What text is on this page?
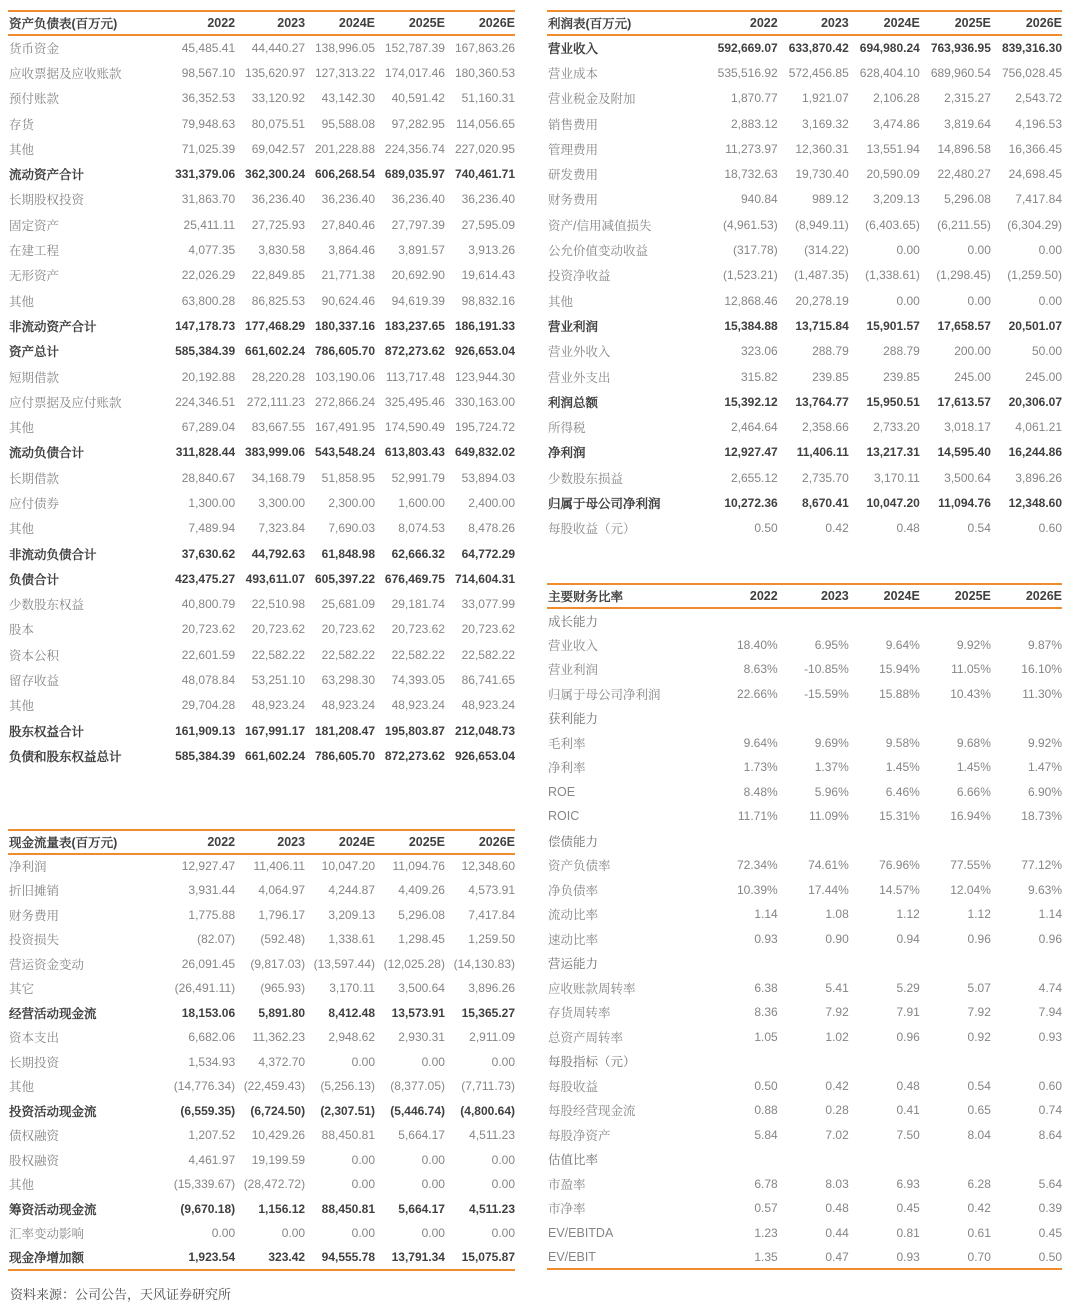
资产负债表(百万元)	2022	2023	2024E	2025E	2026E
货币资金	45,485.41	44,440.27	138,996.05	152,787.39	167,863.26
应收票据及应收账款	98,567.10	135,620.97	127,313.22	174,017.46	180,360.53
预付账款	36,352.53	33,120.92	43,142.30	40,591.42	51,160.31
存货	79,948.63	80,075.51	95,588.08	97,282.95	114,056.65
其他	71,025.39	69,042.57	201,228.88	224,356.74	227,020.95
流动资产合计	331,379.06	362,300.24	606,268.54	689,035.97	740,461.71
长期股权投资	31,863.70	36,236.40	36,236.40	36,236.40	36,236.40
固定资产	25,411.11	27,725.93	27,840.46	27,797.39	27,595.09
在建工程	4,077.35	3,830.58	3,864.46	3,891.57	3,913.26
无形资产	22,026.29	22,849.85	21,771.38	20,692.90	19,614.43
其他	63,800.28	86,825.53	90,624.46	94,619.39	98,832.16
非流动资产合计	147,178.73	177,468.29	180,337.16	183,237.65	186,191.33
资产总计	585,384.39	661,602.24	786,605.70	872,273.62	926,653.04
短期借款	20,192.88	28,220.28	103,190.06	113,717.48	123,944.30
应付票据及应付账款	224,346.51	272,111.23	272,866.24	325,495.46	330,163.00
其他	67,289.04	83,667.55	167,491.95	174,590.49	195,724.72
流动负债合计	311,828.44	383,999.06	543,548.24	613,803.43	649,832.02
长期借款	28,840.67	34,168.79	51,858.95	52,991.79	53,894.03
应付债券	1,300.00	3,300.00	2,300.00	1,600.00	2,400.00
其他	7,489.94	7,323.84	7,690.03	8,074.53	8,478.26
非流动负债合计	37,630.62	44,792.63	61,848.98	62,666.32	64,772.29
负债合计	423,475.27	493,611.07	605,397.22	676,469.75	714,604.31
少数股东权益	40,800.79	22,510.98	25,681.09	29,181.74	33,077.99
股本	20,723.62	20,723.62	20,723.62	20,723.62	20,723.62
资本公积	22,601.59	22,582.22	22,582.22	22,582.22	22,582.22
留存收益	48,078.84	53,251.10	63,298.30	74,393.05	86,741.65
其他	29,704.28	48,923.24	48,923.24	48,923.24	48,923.24
股东权益合计	161,909.13	167,991.17	181,208.47	195,803.87	212,048.73
负债和股东权益总计	585,384.39	661,602.24	786,605.70	872,273.62	926,653.04
现金流量表(百万元)	2022	2023	2024E	2025E	2026E
净利润	12,927.47	11,406.11	10,047.20	11,094.76	12,348.60
折旧摊销	3,931.44	4,064.97	4,244.87	4,409.26	4,573.91
财务费用	1,775.88	1,796.17	3,209.13	5,296.08	7,417.84
投资损失	(82.07)	(592.48)	1,338.61	1,298.45	1,259.50
营运资金变动	26,091.45	(9,817.03)	(13,597.44)	(12,025.28)	(14,130.83)
其它	(26,491.11)	(965.93)	3,170.11	3,500.64	3,896.26
经营活动现金流	18,153.06	5,891.80	8,412.48	13,573.91	15,365.27
资本支出	6,682.06	11,362.23	2,948.62	2,930.31	2,911.09
长期投资	1,534.93	4,372.70	0.00	0.00	0.00
其他	(14,776.34)	(22,459.43)	(5,256.13)	(8,377.05)	(7,711.73)
投资活动现金流	(6,559.35)	(6,724.50)	(2,307.51)	(5,446.74)	(4,800.64)
债权融资	1,207.52	10,429.26	88,450.81	5,664.17	4,511.23
股权融资	4,461.97	19,199.59	0.00	0.00	0.00
其他	(15,339.67)	(28,472.72)	0.00	0.00	0.00
筹资活动现金流	(9,670.18)	1,156.12	88,450.81	5,664.17	4,511.23
汇率变动影响	0.00	0.00	0.00	0.00	0.00
现金净增加额	1,923.54	323.42	94,555.78	13,791.34	15,075.87
资料来源：公司公告，天风证券研究所
利润表(百万元)	2022	2023	2024E	2025E	2026E
营业收入	592,669.07	633,870.42	694,980.24	763,936.95	839,316.30
营业成本	535,516.92	572,456.85	628,404.10	689,960.54	756,028.45
营业税金及附加	1,870.77	1,921.07	2,106.28	2,315.27	2,543.72
销售费用	2,883.12	3,169.32	3,474.86	3,819.64	4,196.53
管理费用	11,273.97	12,360.31	13,551.94	14,896.58	16,366.45
研发费用	18,732.63	19,730.40	20,590.09	22,480.27	24,698.45
财务费用	940.84	989.12	3,209.13	5,296.08	7,417.84
资产/信用减值损失	(4,961.53)	(8,949.11)	(6,403.65)	(6,211.55)	(6,304.29)
公允价值变动收益	(317.78)	(314.22)	0.00	0.00	0.00
投资净收益	(1,523.21)	(1,487.35)	(1,338.61)	(1,298.45)	(1,259.50)
其他	12,868.46	20,278.19	0.00	0.00	0.00
营业利润	15,384.88	13,715.84	15,901.57	17,658.57	20,501.07
营业外收入	323.06	288.79	288.79	200.00	50.00
营业外支出	315.82	239.85	239.85	245.00	245.00
利润总额	15,392.12	13,764.77	15,950.51	17,613.57	20,306.07
所得税	2,464.64	2,358.66	2,733.20	3,018.17	4,061.21
净利润	12,927.47	11,406.11	13,217.31	14,595.40	16,244.86
少数股东损益	2,655.12	2,735.70	3,170.11	3,500.64	3,896.26
归属于母公司净利润	10,272.36	8,670.41	10,047.20	11,094.76	12,348.60
每股收益（元）	0.50	0.42	0.48	0.54	0.60
主要财务比率	2022	2023	2024E	2025E	2026E
成长能力					
营业收入	18.40%	6.95%	9.64%	9.92%	9.87%
营业利润	8.63%	-10.85%	15.94%	11.05%	16.10%
归属于母公司净利润	22.66%	-15.59%	15.88%	10.43%	11.30%
获利能力					
毛利率	9.64%	9.69%	9.58%	9.68%	9.92%
净利率	1.73%	1.37%	1.45%	1.45%	1.47%
ROE	8.48%	5.96%	6.46%	6.66%	6.90%
ROIC	11.71%	11.09%	15.31%	16.94%	18.73%
偿债能力					
资产负债率	72.34%	74.61%	76.96%	77.55%	77.12%
净负债率	10.39%	17.44%	14.57%	12.04%	9.63%
流动比率	1.14	1.08	1.12	1.12	1.14
速动比率	0.93	0.90	0.94	0.96	0.96
营运能力					
应收账款周转率	6.38	5.41	5.29	5.07	4.74
存货周转率	8.36	7.92	7.91	7.92	7.94
总资产周转率	1.05	1.02	0.96	0.92	0.93
每股指标（元）					
每股收益	0.50	0.42	0.48	0.54	0.60
每股经营现金流	0.88	0.28	0.41	0.65	0.74
每股净资产	5.84	7.02	7.50	8.04	8.64
估值比率					
市盈率	6.78	8.03	6.93	6.28	5.64
市净率	0.57	0.48	0.45	0.42	0.39
EV/EBITDA	1.23	0.44	0.81	0.61	0.45
EV/EBIT	1.35	0.47	0.93	0.70	0.50
